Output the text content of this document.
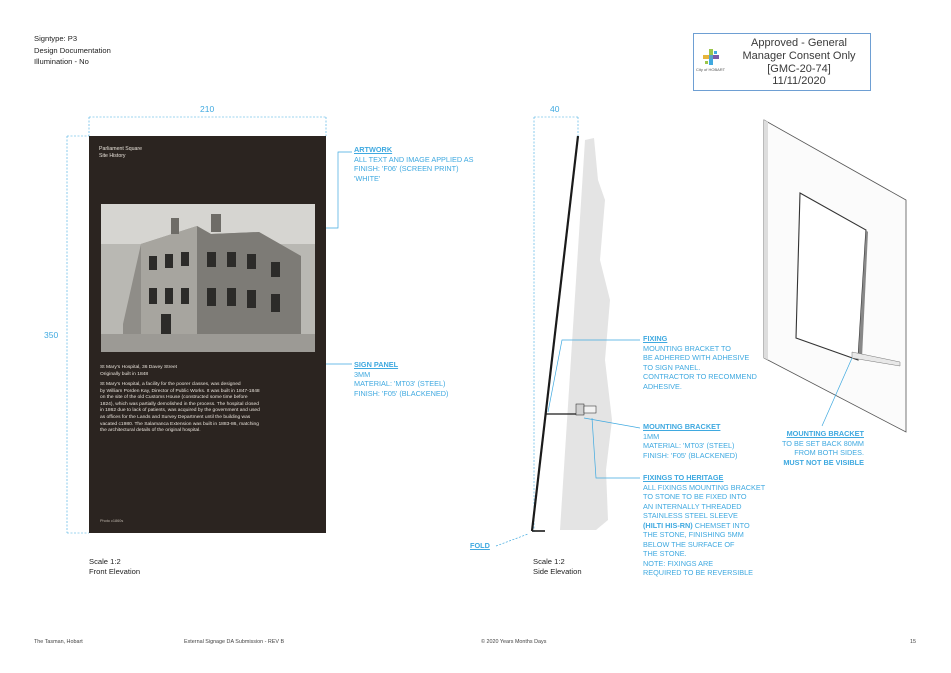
Signtype: P3
Design Documentation
Illumination - No
City of HOBART
Approved - General
Manager Consent Only
[GMC-20-74]
11/11/2020
210
350
Parliament Square
Site History
St Mary's Hospital, 36 Davey Street
Originally built in 1848
St Mary's Hospital, a facility for the poorer classes, was designed
by William Porden Kay, Director of Public Works. It was built in 1847-1848
on the site of the old Customs House (constructed some time before
1824), which was partially demolished in the process. The hospital closed
in 1862 due to lack of patients, was acquired by the government and used
as offices for the Lands and Survey Department until the building was
vacated c1980. The Salamanca Extension was built in 1883-86, matching
the architectural details of the original hospital.
Photo c1860s
Scale 1:2
Front Elevation
ARTWORK
ALL TEXT AND IMAGE APPLIED AS
FINISH: 'F06' (SCREEN PRINT)
'WHITE'
SIGN PANEL
3MM
MATERIAL: 'MT03' (STEEL)
FINISH: 'F05' (BLACKENED)
40
FIXING
MOUNTING BRACKET TO
BE ADHERED WITH ADHESIVE
TO SIGN PANEL.
CONTRACTOR TO RECOMMEND
ADHESIVE.
MOUNTING BRACKET
1MM
MATERIAL: 'MT03' (STEEL)
FINISH: 'F05' (BLACKENED)
FIXINGS TO HERITAGE
ALL FIXINGS MOUNTING BRACKET
TO STONE TO BE FIXED INTO
AN INTERNALLY THREADED
STAINLESS STEEL SLEEVE
(HILTI HIS-RN) CHEMSET INTO
THE STONE, FINISHING 5MM
BELOW THE SURFACE OF
THE STONE.
NOTE: FIXINGS ARE
REQUIRED TO BE REVERSIBLE
FOLD
Scale 1:2
Side Elevation
MOUNTING BRACKET
TO BE SET BACK 80MM
FROM BOTH SIDES.
MUST NOT BE VISIBLE
The Tasman, Hobart	External Signage DA Submission - REV B	© 2020 Years Months Days	15
